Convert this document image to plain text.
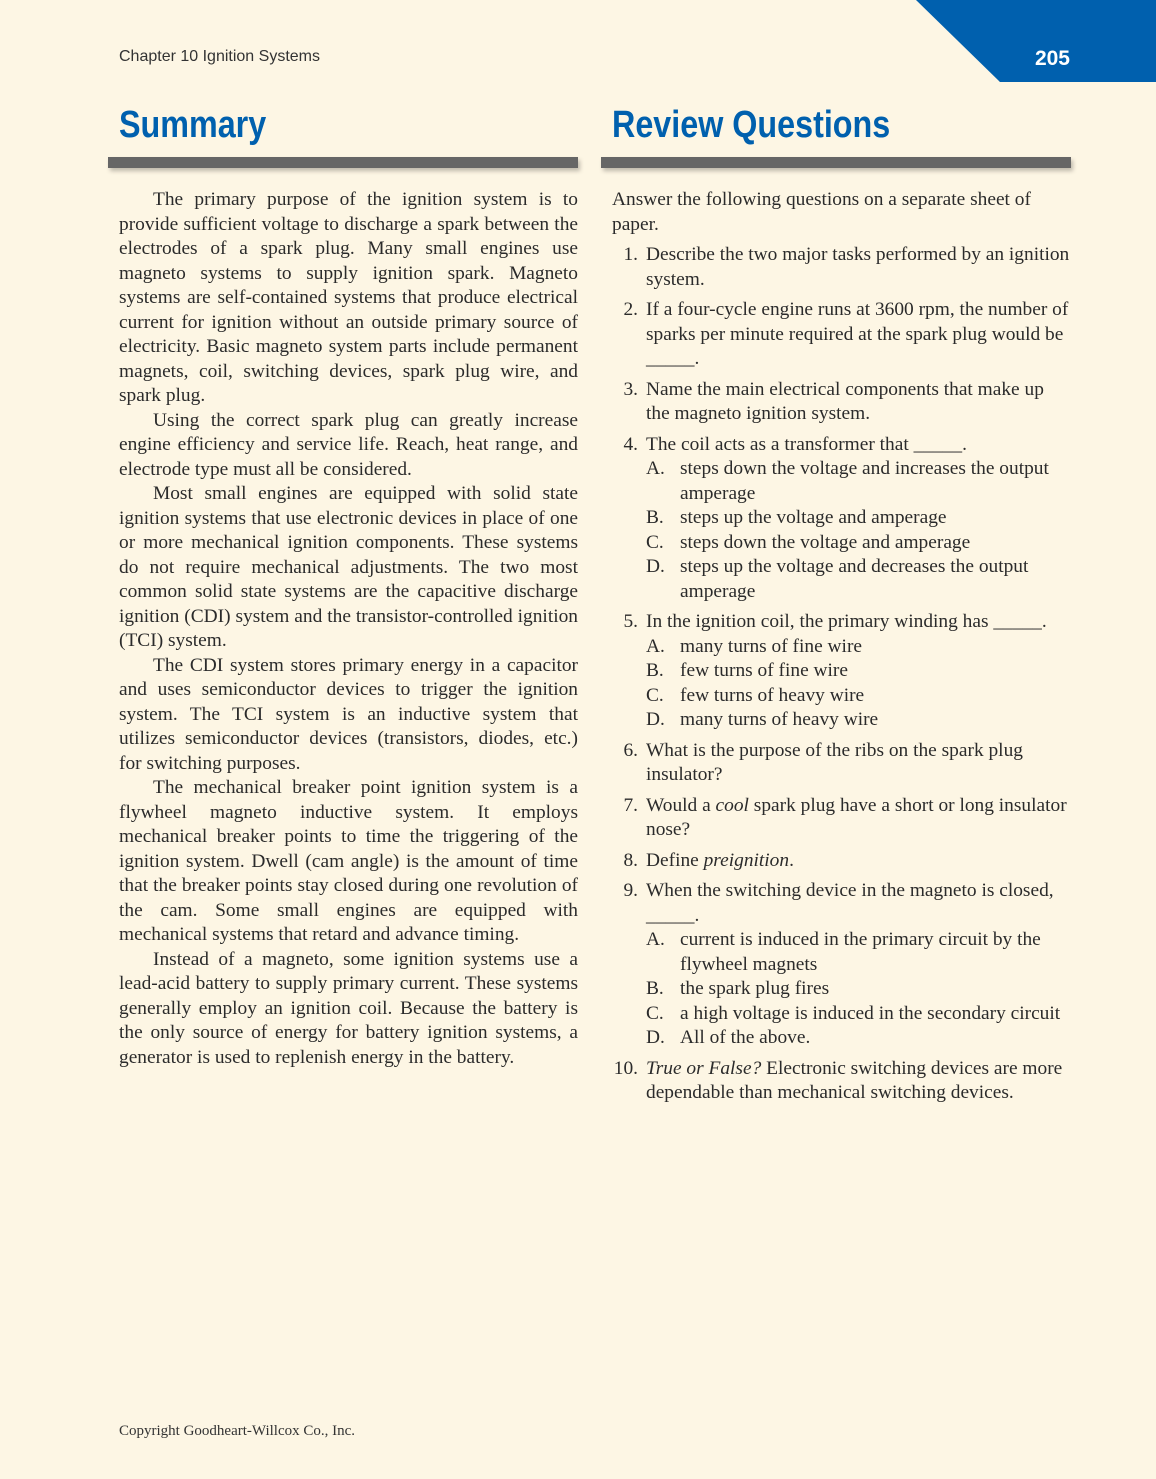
Chapter 10 Ignition Systems	205
Summary	Review Questions

The primary purpose of the ignition system is to provide sufficient voltage to discharge a spark between the electrodes of a spark plug. Many small engines use magneto systems to supply ignition spark. Magneto systems are self-contained systems that produce electrical current for ignition without an outside primary source of electricity. Basic magneto system parts include permanent magnets, coil, switching devices, spark plug wire, and spark plug.

Using the correct spark plug can greatly increase engine efficiency and service life. Reach, heat range, and electrode type must all be considered.

Most small engines are equipped with solid state ignition systems that use electronic devices in place of one or more mechanical ignition components. These systems do not require mechanical adjustments. The two most common solid state systems are the capacitive discharge ignition (CDI) system and the transistor-controlled ignition (TCI) system.

The CDI system stores primary energy in a capacitor and uses semiconductor devices to trigger the ignition system. The TCI system is an inductive system that utilizes semiconductor devices (transistors, diodes, etc.) for switching purposes.

The mechanical breaker point ignition system is a flywheel magneto inductive system. It employs mechanical breaker points to time the triggering of the ignition system. Dwell (cam angle) is the amount of time that the breaker points stay closed during one revolution of the cam. Some small engines are equipped with mechanical systems that retard and advance timing.

Instead of a magneto, some ignition systems use a lead-acid battery to supply primary current. These systems generally employ an ignition coil. Because the battery is the only source of energy for battery ignition systems, a generator is used to replenish energy in the battery.

Answer the following questions on a separate sheet of paper.

1. Describe the two major tasks performed by an ignition system.
2. If a four-cycle engine runs at 3600 rpm, the number of sparks per minute required at the spark plug would be _____.
3. Name the main electrical components that make up the magneto ignition system.
4. The coil acts as a transformer that _____.
A. steps down the voltage and increases the output amperage
B. steps up the voltage and amperage
C. steps down the voltage and amperage
D. steps up the voltage and decreases the output amperage
5. In the ignition coil, the primary winding has _____.
A. many turns of fine wire
B. few turns of fine wire
C. few turns of heavy wire
D. many turns of heavy wire
6. What is the purpose of the ribs on the spark plug insulator?
7. Would a cool spark plug have a short or long insulator nose?
8. Define preignition.
9. When the switching device in the magneto is closed, _____.
A. current is induced in the primary circuit by the flywheel magnets
B. the spark plug fires
C. a high voltage is induced in the secondary circuit
D. All of the above.
10. True or False? Electronic switching devices are more dependable than mechanical switching devices.
Copyright Goodheart-Willcox Co., Inc.
